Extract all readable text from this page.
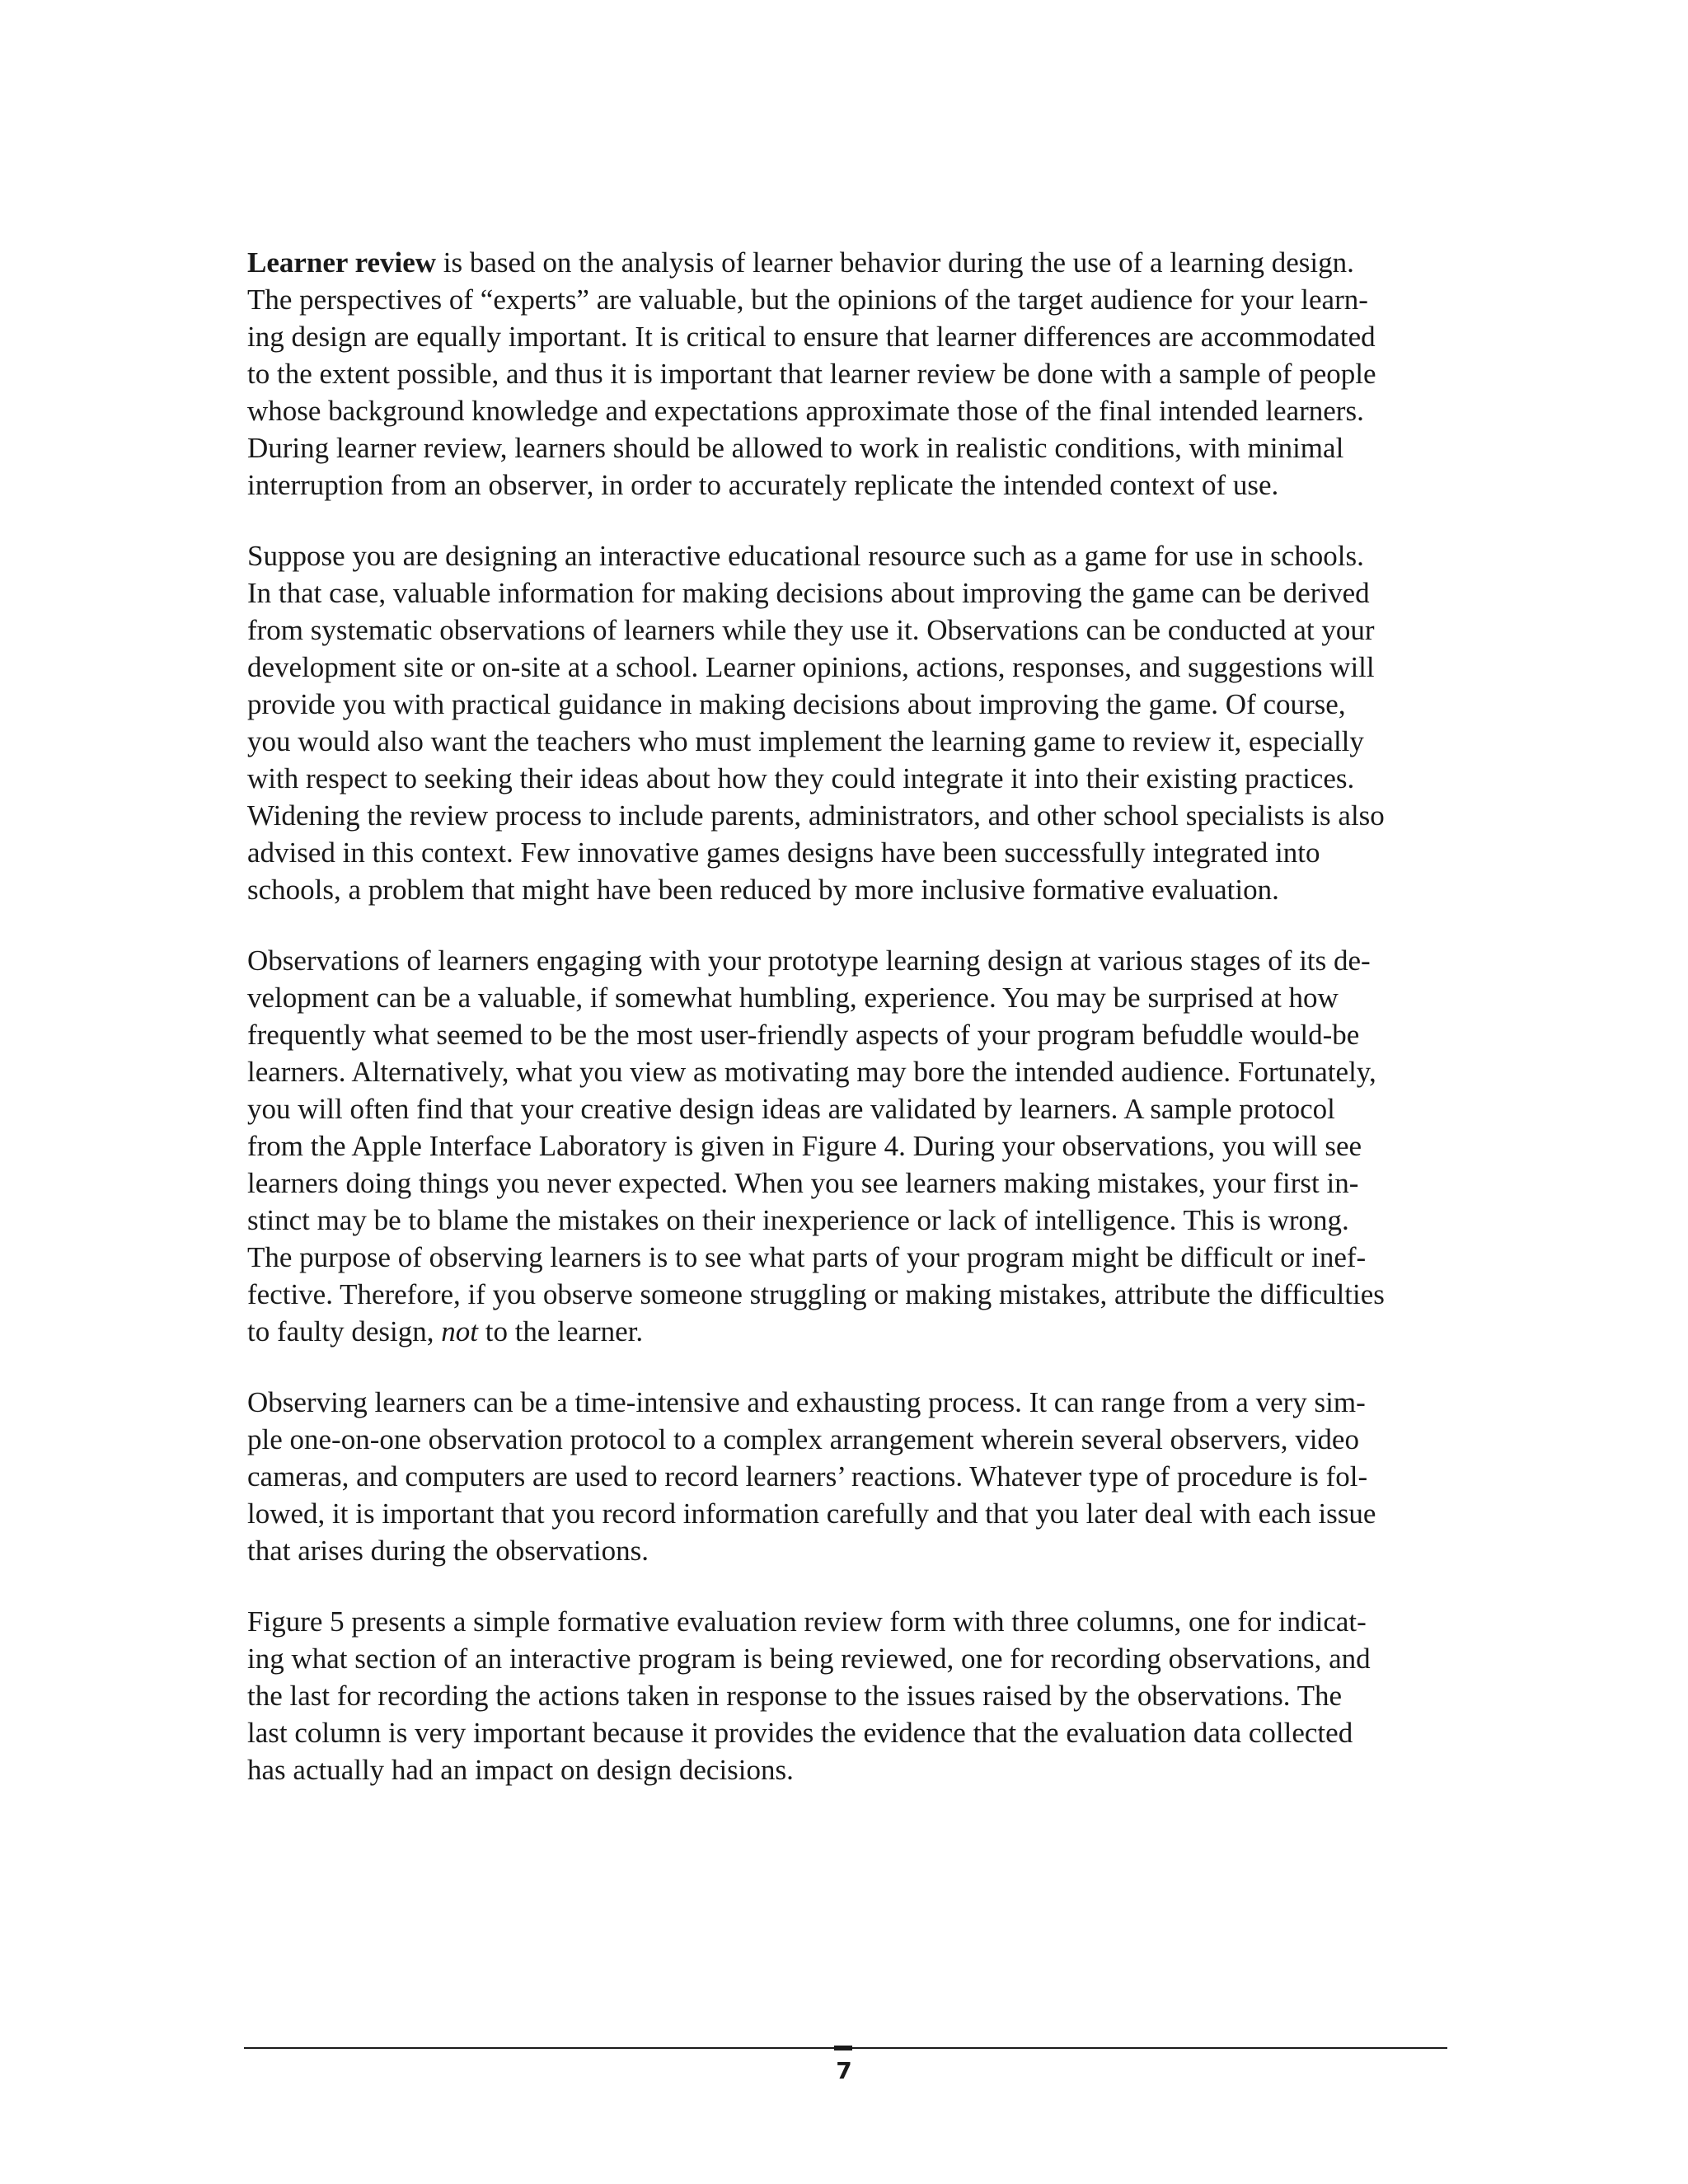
Learner review is based on the analysis of learner behavior during the use of a learning design.
The perspectives of “experts” are valuable, but the opinions of the target audience for your learn-
ing design are equally important. It is critical to ensure that learner differences are accommodated
to the extent possible, and thus it is important that learner review be done with a sample of people
whose background knowledge and expectations approximate those of the final intended learners.
During learner review, learners should be allowed to work in realistic conditions, with minimal
interruption from an observer, in order to accurately replicate the intended context of use.

Suppose you are designing an interactive educational resource such as a game for use in schools.
In that case, valuable information for making decisions about improving the game can be derived
from systematic observations of learners while they use it. Observations can be conducted at your
development site or on-site at a school. Learner opinions, actions, responses, and suggestions will
provide you with practical guidance in making decisions about improving the game. Of course,
you would also want the teachers who must implement the learning game to review it, especially
with respect to seeking their ideas about how they could integrate it into their existing practices.
Widening the review process to include parents, administrators, and other school specialists is also
advised in this context. Few innovative games designs have been successfully integrated into
schools, a problem that might have been reduced by more inclusive formative evaluation.

Observations of learners engaging with your prototype learning design at various stages of its de-
velopment can be a valuable, if somewhat humbling, experience. You may be surprised at how
frequently what seemed to be the most user-friendly aspects of your program befuddle would-be
learners. Alternatively, what you view as motivating may bore the intended audience. Fortunately,
you will often find that your creative design ideas are validated by learners. A sample protocol
from the Apple Interface Laboratory is given in Figure 4. During your observations, you will see
learners doing things you never expected. When you see learners making mistakes, your first in-
stinct may be to blame the mistakes on their inexperience or lack of intelligence. This is wrong.
The purpose of observing learners is to see what parts of your program might be difficult or inef-
fective. Therefore, if you observe someone struggling or making mistakes, attribute the difficulties
to faulty design, not to the learner.

Observing learners can be a time-intensive and exhausting process. It can range from a very sim-
ple one-on-one observation protocol to a complex arrangement wherein several observers, video
cameras, and computers are used to record learners’ reactions. Whatever type of procedure is fol-
lowed, it is important that you record information carefully and that you later deal with each issue
that arises during the observations.

Figure 5 presents a simple formative evaluation review form with three columns, one for indicat-
ing what section of an interactive program is being reviewed, one for recording observations, and
the last for recording the actions taken in response to the issues raised by the observations. The
last column is very important because it provides the evidence that the evaluation data collected
has actually had an impact on design decisions.

7
